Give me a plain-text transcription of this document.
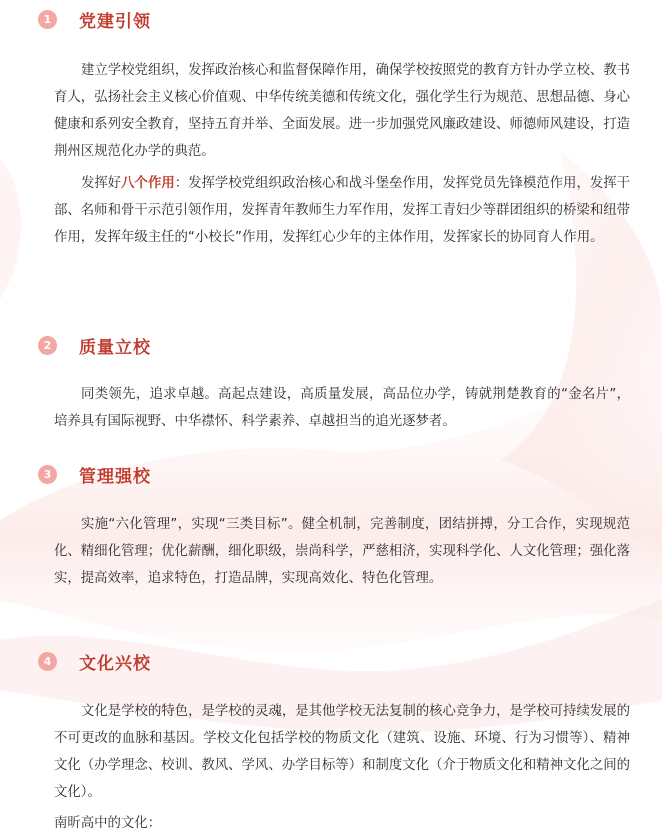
1	党建引领

建立学校党组织，发挥政治核心和监督保障作用，确保学校按照党的教育方针办学立校、教书育人，弘扬社会主义核心价值观、中华传统美德和传统文化，强化学生行为规范、思想品德、身心健康和系列安全教育，坚持五育并举、全面发展。进一步加强党风廉政建设、师德师风建设，打造荆州区规范化办学的典范。

发挥好八个作用：发挥学校党组织政治核心和战斗堡垒作用，发挥党员先锋模范作用，发挥干部、名师和骨干示范引领作用，发挥青年教师生力军作用，发挥工青妇少等群团组织的桥梁和纽带作用，发挥年级主任的“小校长”作用，发挥红心少年的主体作用，发挥家长的协同育人作用。

2	质量立校

同类领先，追求卓越。高起点建设，高质量发展，高品位办学，铸就荆楚教育的“金名片”，培养具有国际视野、中华襟怀、科学素养、卓越担当的追光逐梦者。

3	管理强校

实施“六化管理”，实现“三类目标”。健全机制，完善制度，团结拼搏，分工合作，实现规范化、精细化管理；优化薪酬，细化职级，崇尚科学，严慈相济，实现科学化、人文化管理；强化落实，提高效率，追求特色，打造品牌，实现高效化、特色化管理。

4	文化兴校

文化是学校的特色，是学校的灵魂，是其他学校无法复制的核心竞争力，是学校可持续发展的不可更改的血脉和基因。学校文化包括学校的物质文化（建筑、设施、环境、行为习惯等）、精神文化（办学理念、校训、教风、学风、办学目标等）和制度文化（介于物质文化和精神文化之间的文化）。

南昕高中的文化：
